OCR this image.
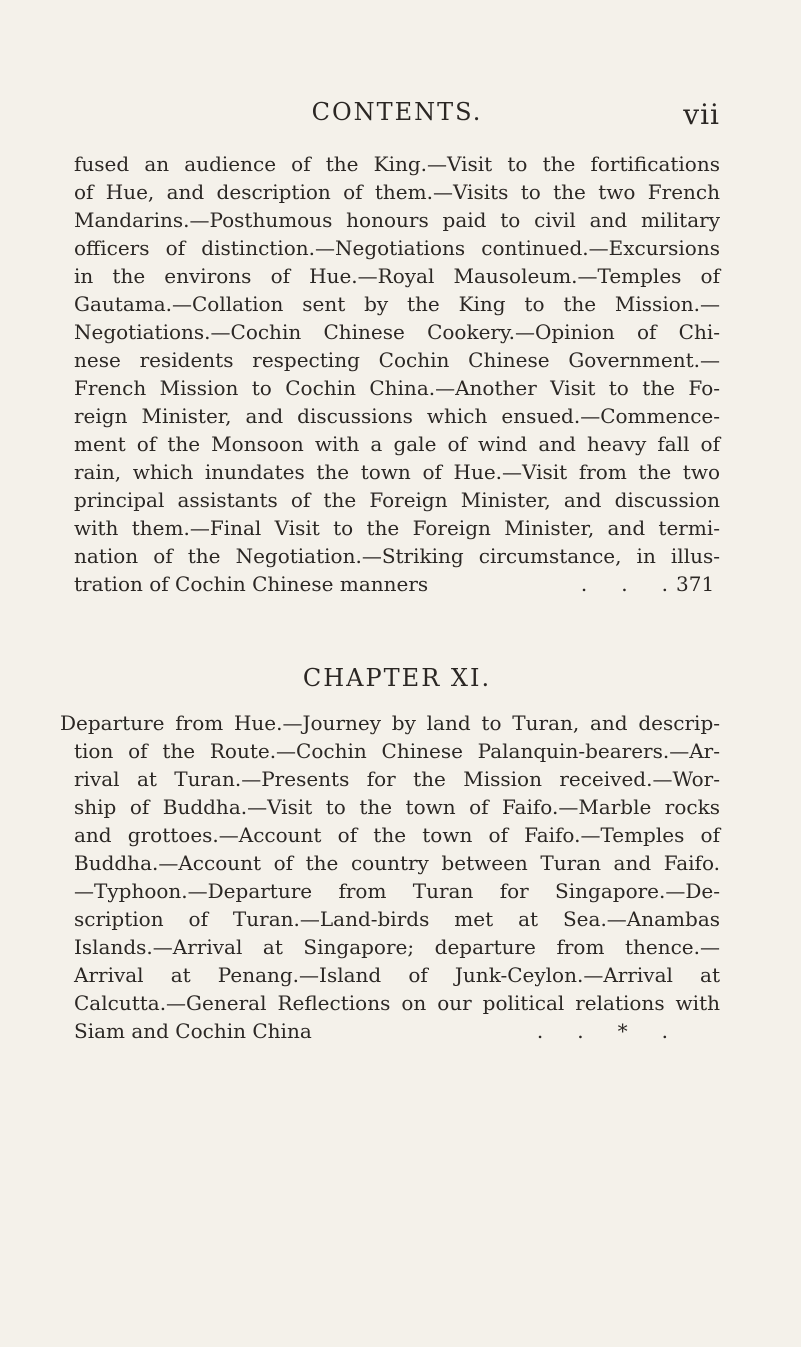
CONTENTS.	vii
fused an audience of the King.—Visit to the fortifications
of Hue, and description of them.—Visits to the two French
Mandarins.—Posthumous honours paid to civil and military
officers of distinction.—Negotiations continued.—Excursions
in the environs of Hue.—Royal Mausoleum.—Temples of
Gautama.—Collation sent by the King to the Mission.—
Negotiations.—Cochin Chinese Cookery.—Opinion of Chi-
nese residents respecting Cochin Chinese Government.—
French Mission to Cochin China.—Another Visit to the Fo-
reign Minister, and discussions which ensued.—Commence-
ment of the Monsoon with a gale of wind and heavy fall of
rain, which inundates the town of Hue.—Visit from the two
principal assistants of the Foreign Minister, and discussion
with them.—Final Visit to the Foreign Minister, and termi-
nation of the Negotiation.—Striking circumstance, in illus-
tration of Cochin Chinese manners	. . . 371
CHAPTER XI.
Departure from Hue.—Journey by land to Turan, and descrip-
tion of the Route.—Cochin Chinese Palanquin-bearers.—Ar-
rival at Turan.—Presents for the Mission received.—Wor-
ship of Buddha.—Visit to the town of Faifo.—Marble rocks
and grottoes.—Account of the town of Faifo.—Temples of
Buddha.—Account of the country between Turan and Faifo.
—Typhoon.—Departure from Turan for Singapore.—De-
scription of Turan.—Land-birds met at Sea.—Anambas
Islands.—Arrival at Singapore; departure from thence.—
Arrival at Penang.—Island of Junk-Ceylon.—Arrival at
Calcutta.—General Reflections on our political relations with
Siam and Cochin China	. . * .
